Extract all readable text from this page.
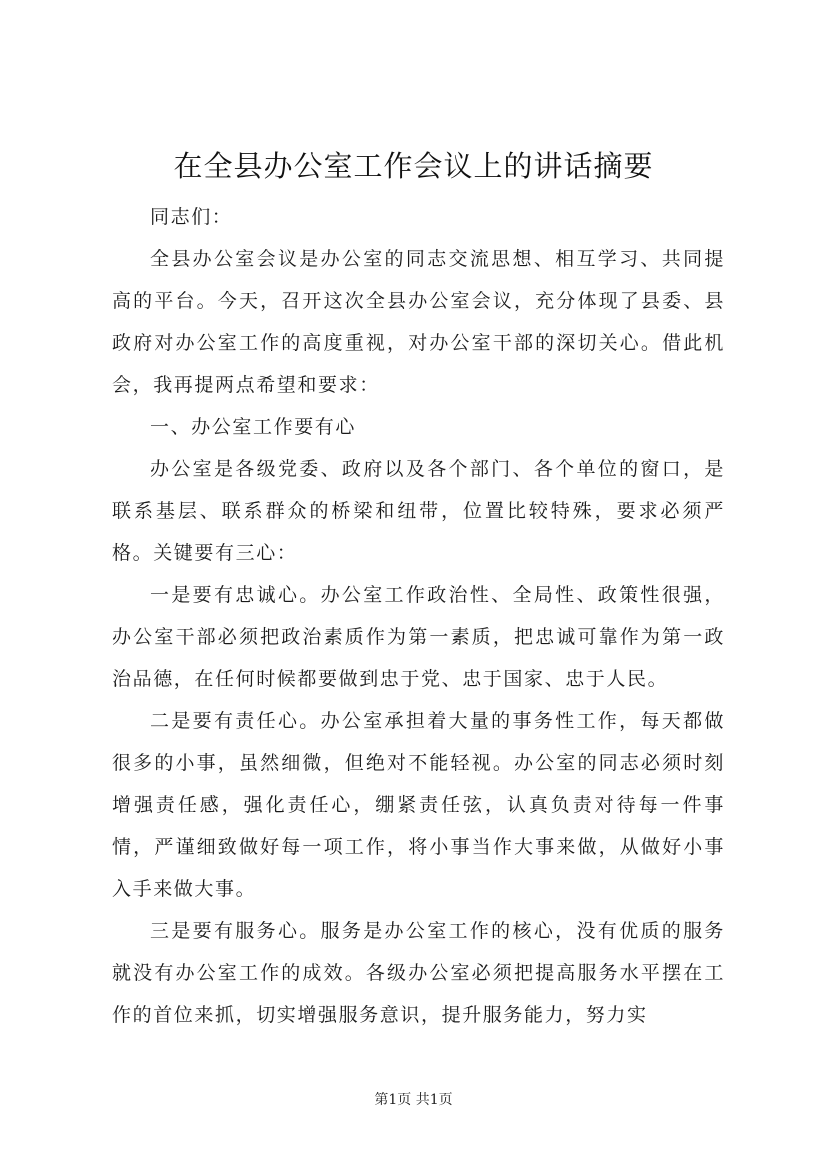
在全县办公室工作会议上的讲话摘要

同志们：

全县办公室会议是办公室的同志交流思想、相互学习、共同提高的平台。今天，召开这次全县办公室会议，充分体现了县委、县政府对办公室工作的高度重视，对办公室干部的深切关心。借此机会，我再提两点希望和要求：

一、办公室工作要有心

办公室是各级党委、政府以及各个部门、各个单位的窗口，是联系基层、联系群众的桥梁和纽带，位置比较特殊，要求必须严格。关键要有三心：

一是要有忠诚心。办公室工作政治性、全局性、政策性很强，办公室干部必须把政治素质作为第一素质，把忠诚可靠作为第一政治品德，在任何时候都要做到忠于党、忠于国家、忠于人民。

二是要有责任心。办公室承担着大量的事务性工作，每天都做很多的小事，虽然细微，但绝对不能轻视。办公室的同志必须时刻增强责任感，强化责任心，绷紧责任弦，认真负责对待每一件事情，严谨细致做好每一项工作，将小事当作大事来做，从做好小事入手来做大事。

三是要有服务心。服务是办公室工作的核心，没有优质的服务就没有办公室工作的成效。各级办公室必须把提高服务水平摆在工作的首位来抓，切实增强服务意识，提升服务能力，努力实

第1页 共1页
